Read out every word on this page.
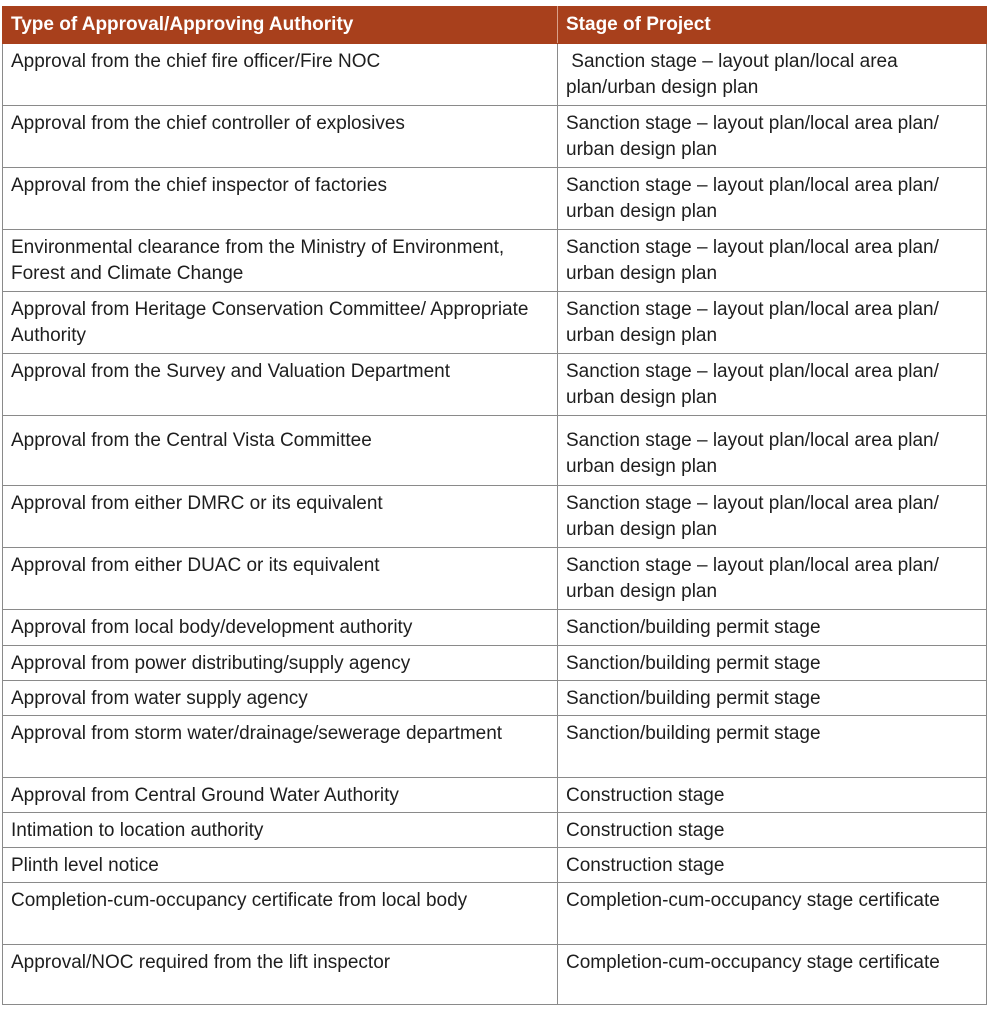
Type of Approval/Approving Authority	Stage of Project
Approval from the chief fire officer/Fire NOC	Sanction stage – layout plan/local area plan/urban design plan
Approval from the chief controller of explosives	Sanction stage – layout plan/local area plan/ urban design plan
Approval from the chief inspector of factories	Sanction stage – layout plan/local area plan/ urban design plan
Environmental clearance from the Ministry of Environment, Forest and Climate Change	Sanction stage – layout plan/local area plan/ urban design plan
Approval from Heritage Conservation Committee/ Appropriate Authority	Sanction stage – layout plan/local area plan/ urban design plan
Approval from the Survey and Valuation Department	Sanction stage – layout plan/local area plan/ urban design plan
Approval from the Central Vista Committee	Sanction stage – layout plan/local area plan/ urban design plan
Approval from either DMRC or its equivalent	Sanction stage – layout plan/local area plan/ urban design plan
Approval from either DUAC or its equivalent	Sanction stage – layout plan/local area plan/ urban design plan
Approval from local body/development authority	Sanction/building permit stage
Approval from power distributing/supply agency	Sanction/building permit stage
Approval from water supply agency	Sanction/building permit stage
Approval from storm water/drainage/sewerage department	Sanction/building permit stage
Approval from Central Ground Water Authority	Construction stage
Intimation to location authority	Construction stage
Plinth level notice	Construction stage
Completion-cum-occupancy certificate from local body	Completion-cum-occupancy stage certificate
Approval/NOC required from the lift inspector	Completion-cum-occupancy stage certificate
